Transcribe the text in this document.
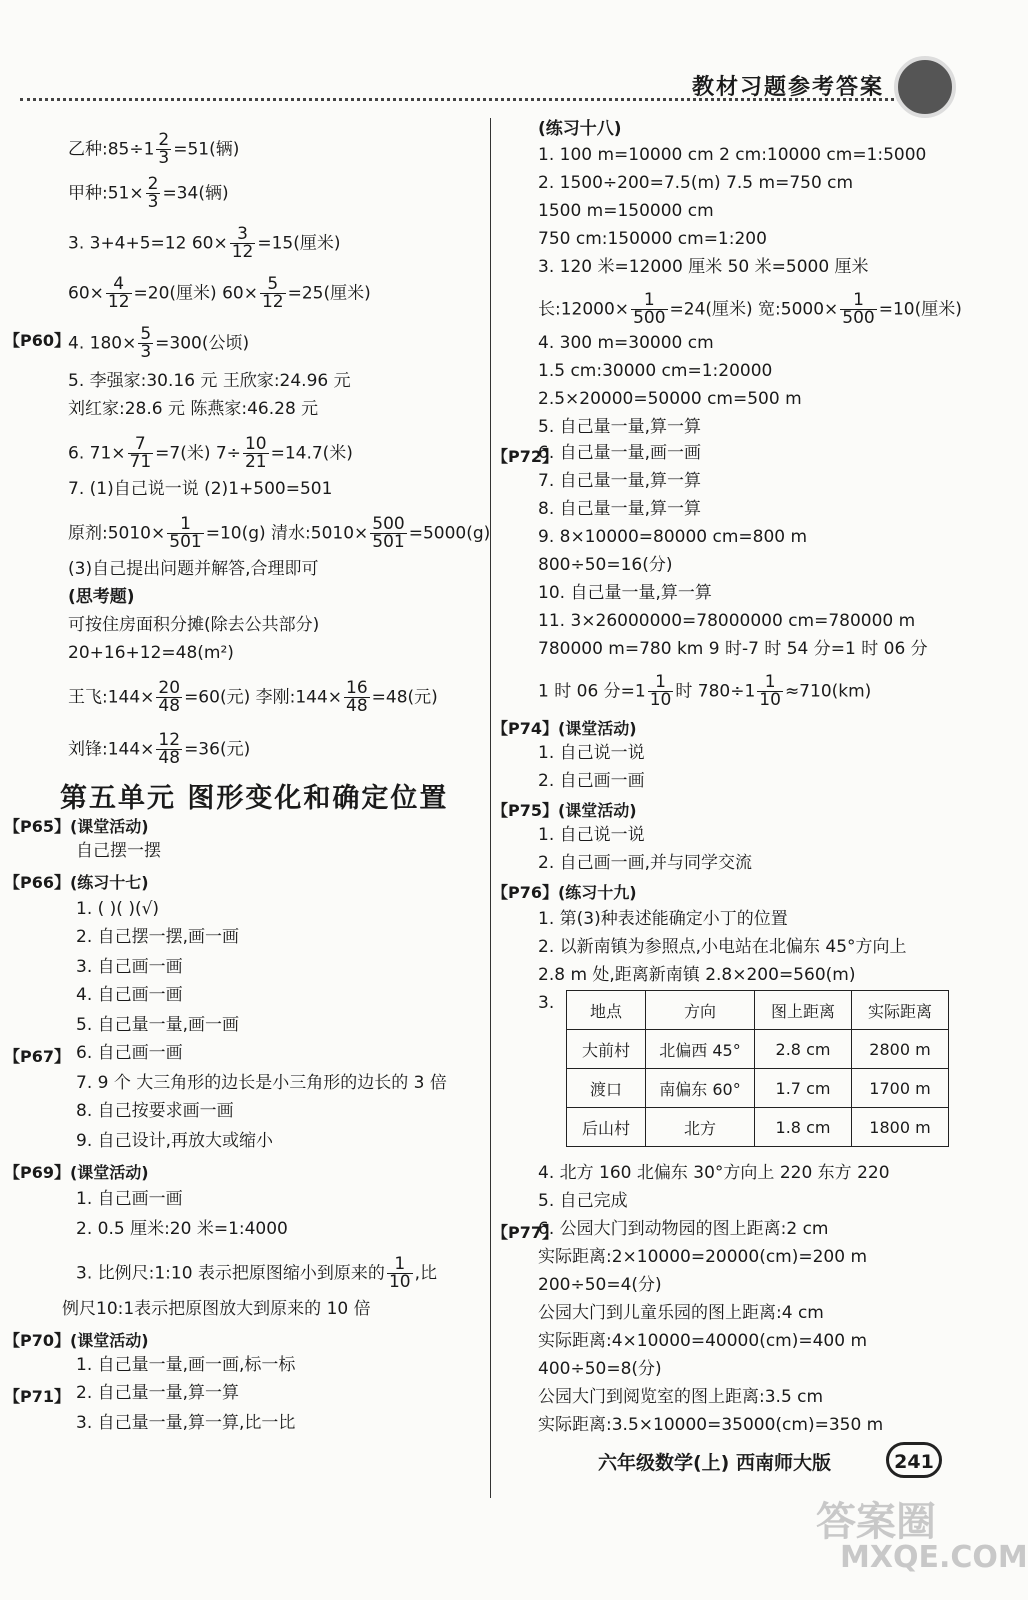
教材习题参考答案
乙种:85÷1 $\frac{2}{3} =51$(辆)
甲种:51× $\frac{2}{3} =34$(辆)
3. 3+4+5=12 $60\times \frac{3}{12} =15$(厘米)
$60\times \frac{4}{12} =20$(厘米) $60\times \frac{5}{12} =25$(厘米)
【P60】
4. $180\times \frac{5}{3} =300$(公顷)
5. 李强家:30.16 元 王欣家:24.96 元
刘红家:28.6 元 陈燕家:46.28 元
6. $71\times \frac{7}{71} =7$(米) $7\div \frac{10}{21} =14.7$(米)
7. (1)自己说一说 (2)1+500=501
原剂:5010× $\frac{1}{501} =10(g)$ 清水:5010× $\frac{500}{501} =5000(g)$
(3)自己提出问题并解答,合理即可
(思考题)
可按住房面积分摊(除去公共部分)
20+16+12=48(m²)
王飞:144× $\frac{20}{48} =60$(元) 李刚:144× $\frac{16}{48} =48$(元)
刘锋:144× $\frac{12}{48} =36$(元)
【P65】(课堂活动)
自己摆一摆
【P66】(练习十七)
1. ( )( )(√)
2. 自己摆一摆,画一画
3. 自己画一画
4. 自己画一画
5. 自己量一量,画一画
【P67】 6. 自己画一画
7. 9 个 大三角形的边长是小三角形的边长的 3 倍
8. 自己按要求画一画
9. 自己设计,再放大或缩小
【P69】(课堂活动)
1. 自己画一画
2. 0.5 厘米:20 米=1:4000
3. 比例尺:1:10 表示把原图缩小到原来的 $\frac{1}{10}$ ,比
例尺10:1表示把原图放大到原来的 10 倍
【P70】(课堂活动)
1. 自己量一量,画一画,标一标
【P71】 2. 自己量一量,算一算
3. 自己量一量,算一算,比一比
第五单元 图形变化和确定位置
(练习十八)
1. 100 m=10000 cm 2 cm:10000 cm=1:5000
2. 1500÷200=7.5(m) 7.5 m=750 cm
1500 m=150000 cm
750 cm:150000 cm=1:200
3. 120 米=12000 厘米 50 米=5000 厘米
长:12000× $\frac{1}{500} =24$(厘米) 宽:5000× $\frac{1}{500} =10$(厘米)
4. 300 m=30000 cm
1.5 cm:30000 cm=1:20000
2.5×20000=50000 cm=500 m
5. 自己量一量,算一算
【P72】
6. 自己量一量,画一画
7. 自己量一量,算一算
8. 自己量一量,算一算
9. 8×10000=80000 cm=800 m
800÷50=16(分)
10. 自己量一量,算一算
11. 3×26000000=78000000 cm=780000 m
780000 m=780 km 9 时-7 时 54 分=1 时 06 分
1 时 06 分$=1 \frac{1}{10}$ 时 $780\div 1 \frac{1}{10} \approx 710(km)$
【P74】(课堂活动)
1. 自己说一说
2. 自己画一画
【P75】(课堂活动)
1. 自己说一说
2. 自己画一画,并与同学交流
【P76】(练习十九)
1. 第(3)种表述能确定小丁的位置
2. 以新南镇为参照点,小电站在北偏东 45°方向上
2.8 m 处,距离新南镇 2.8×200=560(m)
3.
4. 北方 160 北偏东 30°方向上 220 东方 220
5. 自己完成
【P77】
6. 公园大门到动物园的图上距离:2 cm
实际距离:2×10000=20000(cm)=200 m
200÷50=4(分)
公园大门到儿童乐园的图上距离:4 cm
实际距离:4×10000=40000(cm)=400 m
400÷50=8(分)
公园大门到阅览室的图上距离:3.5 cm
实际距离:3.5×10000=35000(cm)=350 m
地点	方向	图上距离	实际距离
大前村	北偏西 45°	2.8 cm	2800 m
渡口	南偏东 60°	1.7 cm	1700 m
后山村	北方	1.8 cm	1800 m
六年级数学(上) 西南师大版	241
答案圈
MXQE.COM
